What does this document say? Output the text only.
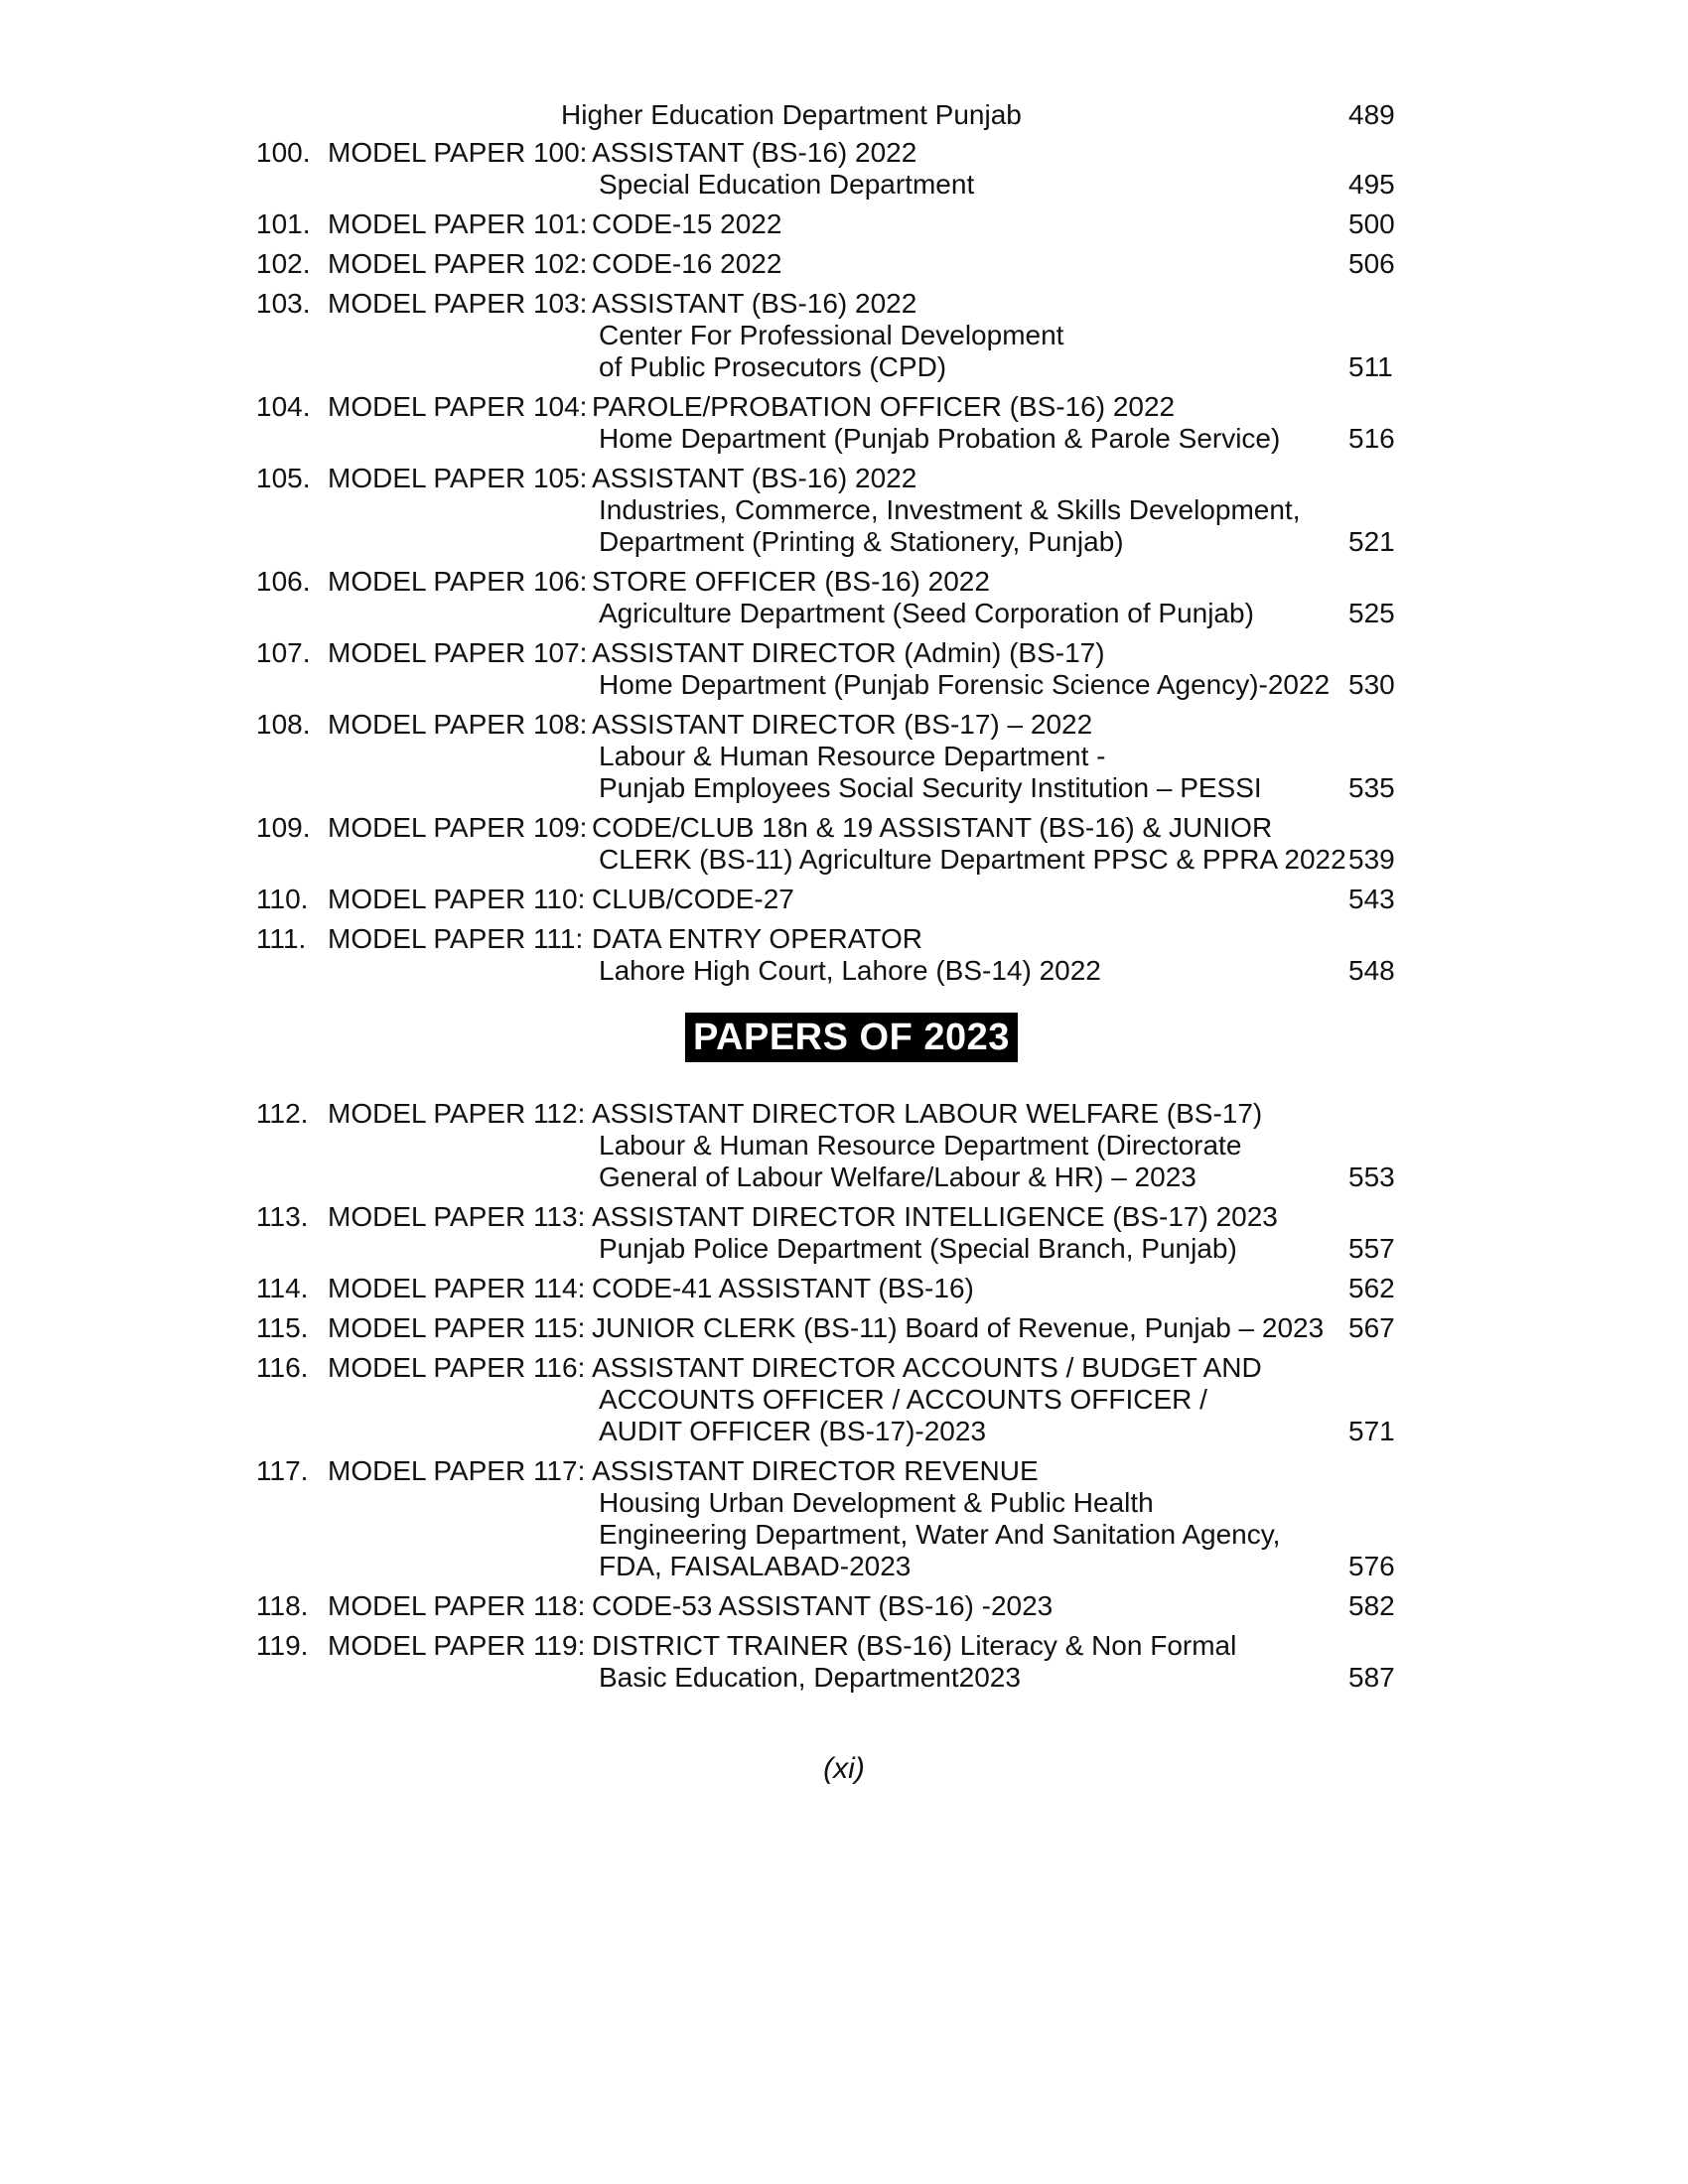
Higher Education Department Punjab	489
100. MODEL PAPER 100: ASSISTANT (BS-16) 2022
Special Education Department	495
101. MODEL PAPER 101: CODE-15 2022	500
102. MODEL PAPER 102: CODE-16 2022	506
103. MODEL PAPER 103: ASSISTANT (BS-16) 2022
Center For Professional Development
of Public Prosecutors (CPD)	511
104. MODEL PAPER 104: PAROLE/PROBATION OFFICER (BS-16) 2022
Home Department (Punjab Probation & Parole Service) 516
105. MODEL PAPER 105: ASSISTANT (BS-16) 2022
Industries, Commerce, Investment & Skills Development,
Department (Printing & Stationery, Punjab)	521
106. MODEL PAPER 106: STORE OFFICER (BS-16) 2022
Agriculture Department (Seed Corporation of Punjab)	525
107. MODEL PAPER 107: ASSISTANT DIRECTOR (Admin) (BS-17)
Home Department (Punjab Forensic Science Agency)-2022 530
108. MODEL PAPER 108: ASSISTANT DIRECTOR (BS-17) – 2022
Labour & Human Resource Department -
Punjab Employees Social Security Institution – PESSI	535
109. MODEL PAPER 109: CODE/CLUB 18n & 19 ASSISTANT (BS-16) & JUNIOR
CLERK (BS-11) Agriculture Department PPSC & PPRA 2022 539
110. MODEL PAPER 110: CLUB/CODE-27	543
111. MODEL PAPER 111: DATA ENTRY OPERATOR
Lahore High Court, Lahore (BS-14) 2022	548
PAPERS OF 2023
112. MODEL PAPER 112: ASSISTANT DIRECTOR LABOUR WELFARE (BS-17)
Labour & Human Resource Department (Directorate
General of Labour Welfare/Labour & HR) – 2023	553
113. MODEL PAPER 113: ASSISTANT DIRECTOR INTELLIGENCE (BS-17) 2023
Punjab Police Department (Special Branch, Punjab)	557
114. MODEL PAPER 114: CODE-41 ASSISTANT (BS-16)	562
115. MODEL PAPER 115: JUNIOR CLERK (BS-11) Board of Revenue, Punjab – 2023 567
116. MODEL PAPER 116: ASSISTANT DIRECTOR ACCOUNTS / BUDGET AND
ACCOUNTS OFFICER / ACCOUNTS OFFICER /
AUDIT OFFICER (BS-17)-2023	571
117. MODEL PAPER 117: ASSISTANT DIRECTOR REVENUE
Housing Urban Development & Public Health
Engineering Department, Water And Sanitation Agency,
FDA, FAISALABAD-2023	576
118. MODEL PAPER 118: CODE-53 ASSISTANT (BS-16) -2023	582
119. MODEL PAPER 119: DISTRICT TRAINER (BS-16) Literacy & Non Formal
Basic Education, Department2023	587
(xi)
